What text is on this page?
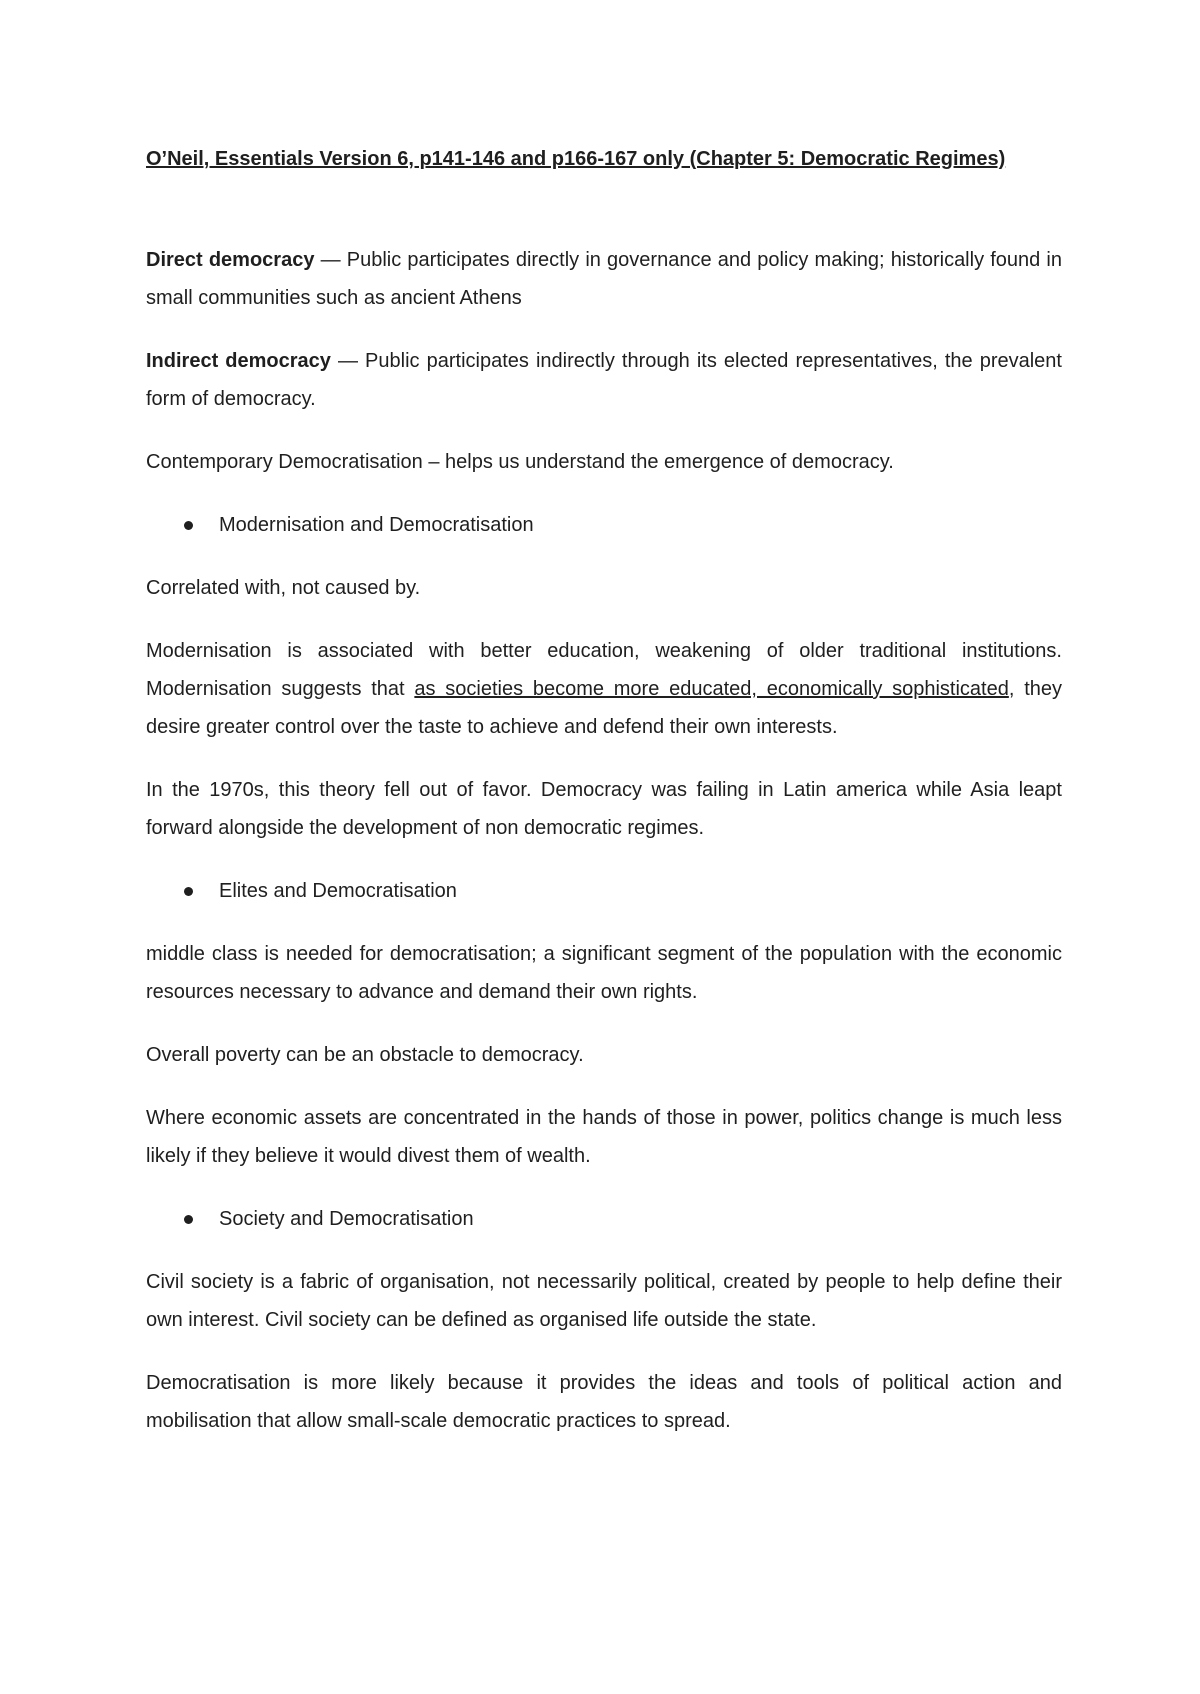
O’Neil, Essentials Version 6, p141-146 and p166-167 only (Chapter 5: Democratic Regimes)

Direct democracy — Public participates directly in governance and policy making; historically found in small communities such as ancient Athens

Indirect democracy — Public participates indirectly through its elected representatives, the prevalent form of democracy.

Contemporary Democratisation – helps us understand the emergence of democracy.

Modernisation and Democratisation

Correlated with, not caused by.

Modernisation is associated with better education, weakening of older traditional institutions. Modernisation suggests that as societies become more educated, economically sophisticated, they desire greater control over the taste to achieve and defend their own interests.

In the 1970s, this theory fell out of favor. Democracy was failing in Latin america while Asia leapt forward alongside the development of non democratic regimes.

Elites and Democratisation

middle class is needed for democratisation; a significant segment of the population with the economic resources necessary to advance and demand their own rights.

Overall poverty can be an obstacle to democracy.

Where economic assets are concentrated in the hands of those in power, politics change is much less likely if they believe it would divest them of wealth.

Society and Democratisation

Civil society is a fabric of organisation, not necessarily political, created by people to help define their own interest. Civil society can be defined as organised life outside the state.

Democratisation is more likely because it provides the ideas and tools of political action and mobilisation that allow small-scale democratic practices to spread.
